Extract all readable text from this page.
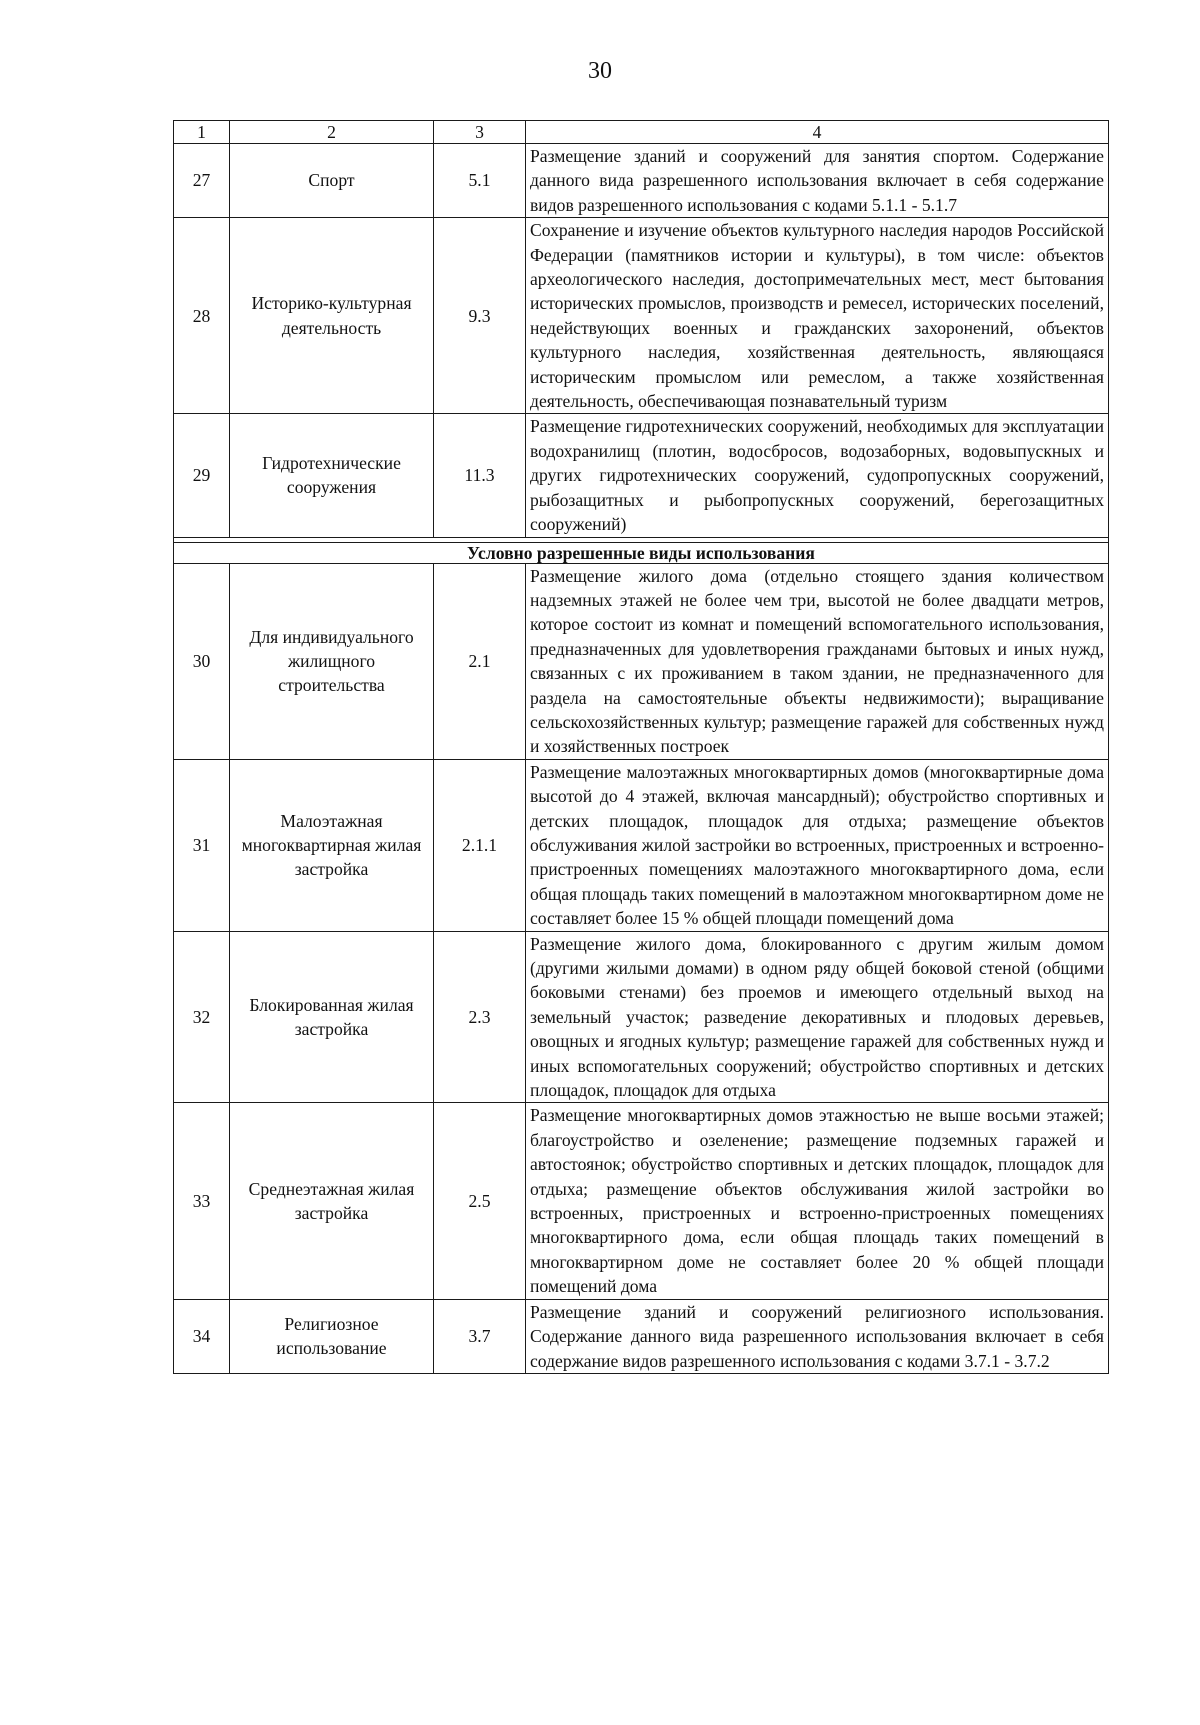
30
1	2	3	4
27	Спорт	5.1	Размещение зданий и сооружений для занятия спортом. Содержание данного вида разрешенного использования включает в себя содержание видов разрешенного использования с кодами 5.1.1 - 5.1.7
28	Историко-культурная деятельность	9.3	Сохранение и изучение объектов культурного наследия народов Российской Федерации (памятников истории и культуры), в том числе: объектов археологического наследия, достопримечательных мест, мест бытования исторических промыслов, производств и ремесел, исторических поселений, недействующих военных и гражданских захоронений, объектов культурного наследия, хозяйственная деятельность, являющаяся историческим промыслом или ремеслом, а также хозяйственная деятельность, обеспечивающая познавательный туризм
29	Гидротехнические сооружения	11.3	Размещение гидротехнических сооружений, необходимых для эксплуатации водохранилищ (плотин, водосбросов, водозаборных, водовыпускных и других гидротехнических сооружений, судопропускных сооружений, рыбозащитных и рыбопропускных сооружений, берегозащитных сооружений)

Условно разрешенные виды использования			
30	Для индивидуального жилищного строительства	2.1	Размещение жилого дома (отдельно стоящего здания количеством надземных этажей не более чем три, высотой не более двадцати метров, которое состоит из комнат и помещений вспомогательного использования, предназначенных для удовлетворения гражданами бытовых и иных нужд, связанных с их проживанием в таком здании, не предназначенного для раздела на самостоятельные объекты недвижимости); выращивание сельскохозяйственных культур; размещение гаражей для собственных нужд и хозяйственных построек
31	Малоэтажная многоквартирная жилая застройка	2.1.1	Размещение малоэтажных многоквартирных домов (многоквартирные дома высотой до 4 этажей, включая мансардный); обустройство спортивных и детских площадок, площадок для отдыха; размещение объектов обслуживания жилой застройки во встроенных, пристроенных и встроенно-пристроенных помещениях малоэтажного многоквартирного дома, если общая площадь таких помещений в малоэтажном многоквартирном доме не составляет более 15 % общей площади помещений дома
32	Блокированная жилая застройка	2.3	Размещение жилого дома, блокированного с другим жилым домом (другими жилыми домами) в одном ряду общей боковой стеной (общими боковыми стенами) без проемов и имеющего отдельный выход на земельный участок; разведение декоративных и плодовых деревьев, овощных и ягодных культур; размещение гаражей для собственных нужд и иных вспомогательных сооружений; обустройство спортивных и детских площадок, площадок для отдыха
33	Среднеэтажная жилая застройка	2.5	Размещение многоквартирных домов этажностью не выше восьми этажей; благоустройство и озеленение; размещение подземных гаражей и автостоянок; обустройство спортивных и детских площадок, площадок для отдыха; размещение объектов обслуживания жилой застройки во встроенных, пристроенных и встроенно-пристроенных помещениях многоквартирного дома, если общая площадь таких помещений в многоквартирном доме не составляет более 20 % общей площади помещений дома
34	Религиозное использование	3.7	Размещение зданий и сооружений религиозного использования. Содержание данного вида разрешенного использования включает в себя содержание видов разрешенного использования с кодами 3.7.1 - 3.7.2
